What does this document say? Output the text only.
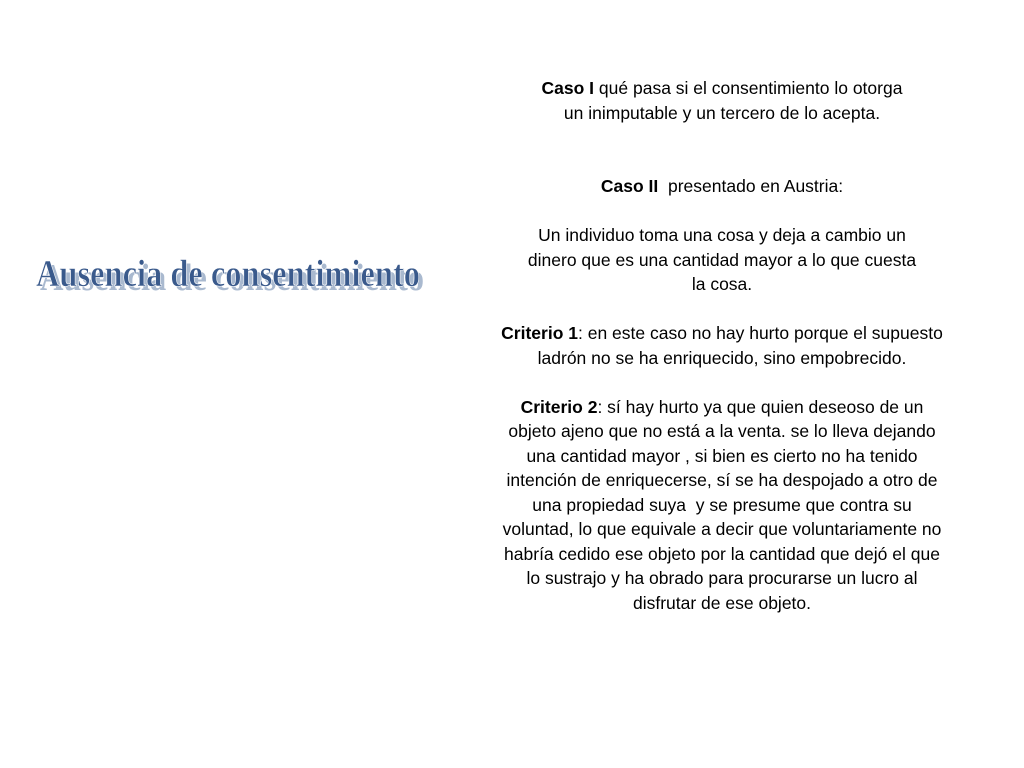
Ausencia de consentimiento
Ausencia de consentimiento

Caso I qué pasa si el consentimiento lo otorga

un inimputable y un tercero de lo acepta.

Caso II  presentado en Austria:

Un individuo toma una cosa y deja a cambio un

dinero que es una cantidad mayor a lo que cuesta

la cosa.

Criterio 1: en este caso no hay hurto porque el supuesto

ladrón no se ha enriquecido, sino empobrecido.

Criterio 2: sí hay hurto ya que quien deseoso de un

objeto ajeno que no está a la venta. se lo lleva dejando

una cantidad mayor , si bien es cierto no ha tenido

intención de enriquecerse, sí se ha despojado a otro de

una propiedad suya  y se presume que contra su

voluntad, lo que equivale a decir que voluntariamente no

habría cedido ese objeto por la cantidad que dejó el que

lo sustrajo y ha obrado para procurarse un lucro al

disfrutar de ese objeto.
